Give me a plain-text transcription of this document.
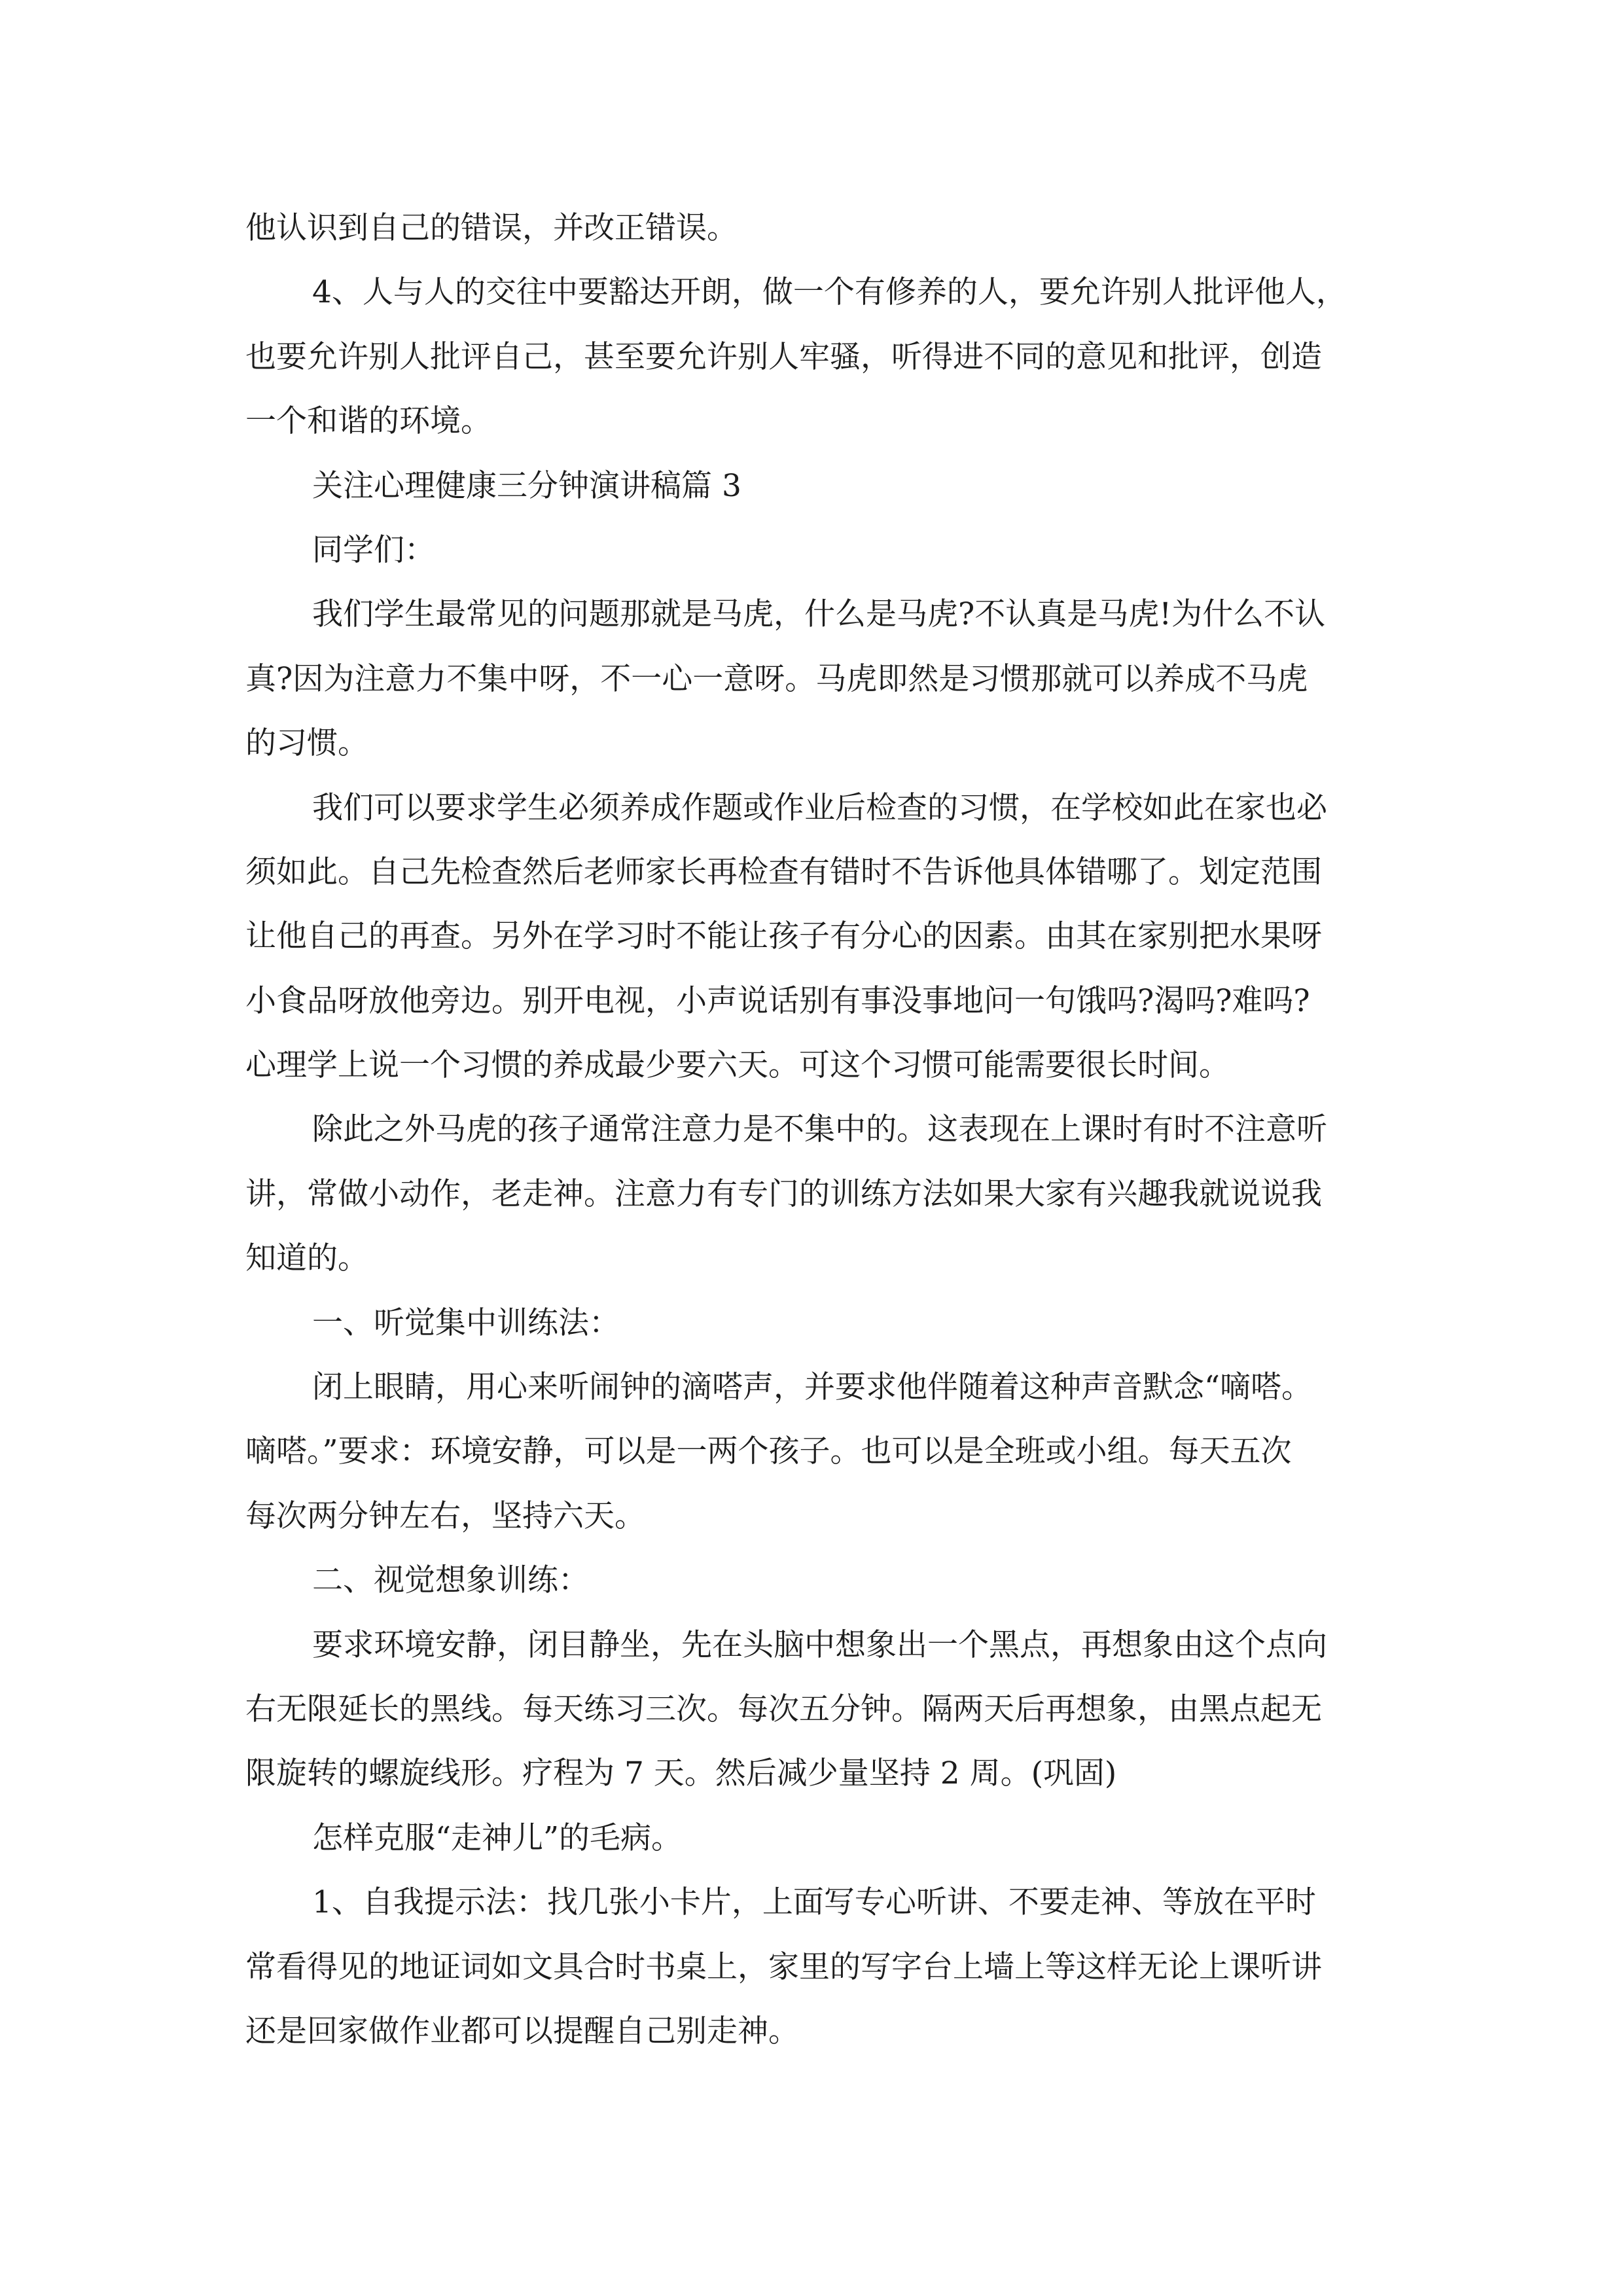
他认识到自己的错误，并改正错误。
4、人与人的交往中要豁达开朗，做一个有修养的人，要允许别人批评他人，
也要允许别人批评自己，甚至要允许别人牢骚，听得进不同的意见和批评，创造
一个和谐的环境。
关注心理健康三分钟演讲稿篇 3
同学们：
我们学生最常见的问题那就是马虎，什么是马虎?不认真是马虎!为什么不认
真?因为注意力不集中呀，不一心一意呀。马虎即然是习惯那就可以养成不马虎
的习惯。
我们可以要求学生必须养成作题或作业后检查的习惯，在学校如此在家也必
须如此。自己先检查然后老师家长再检查有错时不告诉他具体错哪了。划定范围
让他自己的再查。另外在学习时不能让孩子有分心的因素。由其在家别把水果呀
小食品呀放他旁边。别开电视，小声说话别有事没事地问一句饿吗?渴吗?难吗?
心理学上说一个习惯的养成最少要六天。可这个习惯可能需要很长时间。
除此之外马虎的孩子通常注意力是不集中的。这表现在上课时有时不注意听
讲，常做小动作，老走神。注意力有专门的训练方法如果大家有兴趣我就说说我
知道的。
一、听觉集中训练法：
闭上眼睛，用心来听闹钟的滴嗒声，并要求他伴随着这种声音默念“嘀嗒。
嘀嗒。”要求：环境安静，可以是一两个孩子。也可以是全班或小组。每天五次
每次两分钟左右，坚持六天。
二、视觉想象训练：
要求环境安静，闭目静坐，先在头脑中想象出一个黑点，再想象由这个点向
右无限延长的黑线。每天练习三次。每次五分钟。隔两天后再想象，由黑点起无
限旋转的螺旋线形。疗程为 7 天。然后减少量坚持 2 周。(巩固)
怎样克服“走神儿”的毛病。
1、自我提示法：找几张小卡片，上面写专心听讲、不要走神、等放在平时
常看得见的地证词如文具合时书桌上，家里的写字台上墙上等这样无论上课听讲
还是回家做作业都可以提醒自己别走神。
